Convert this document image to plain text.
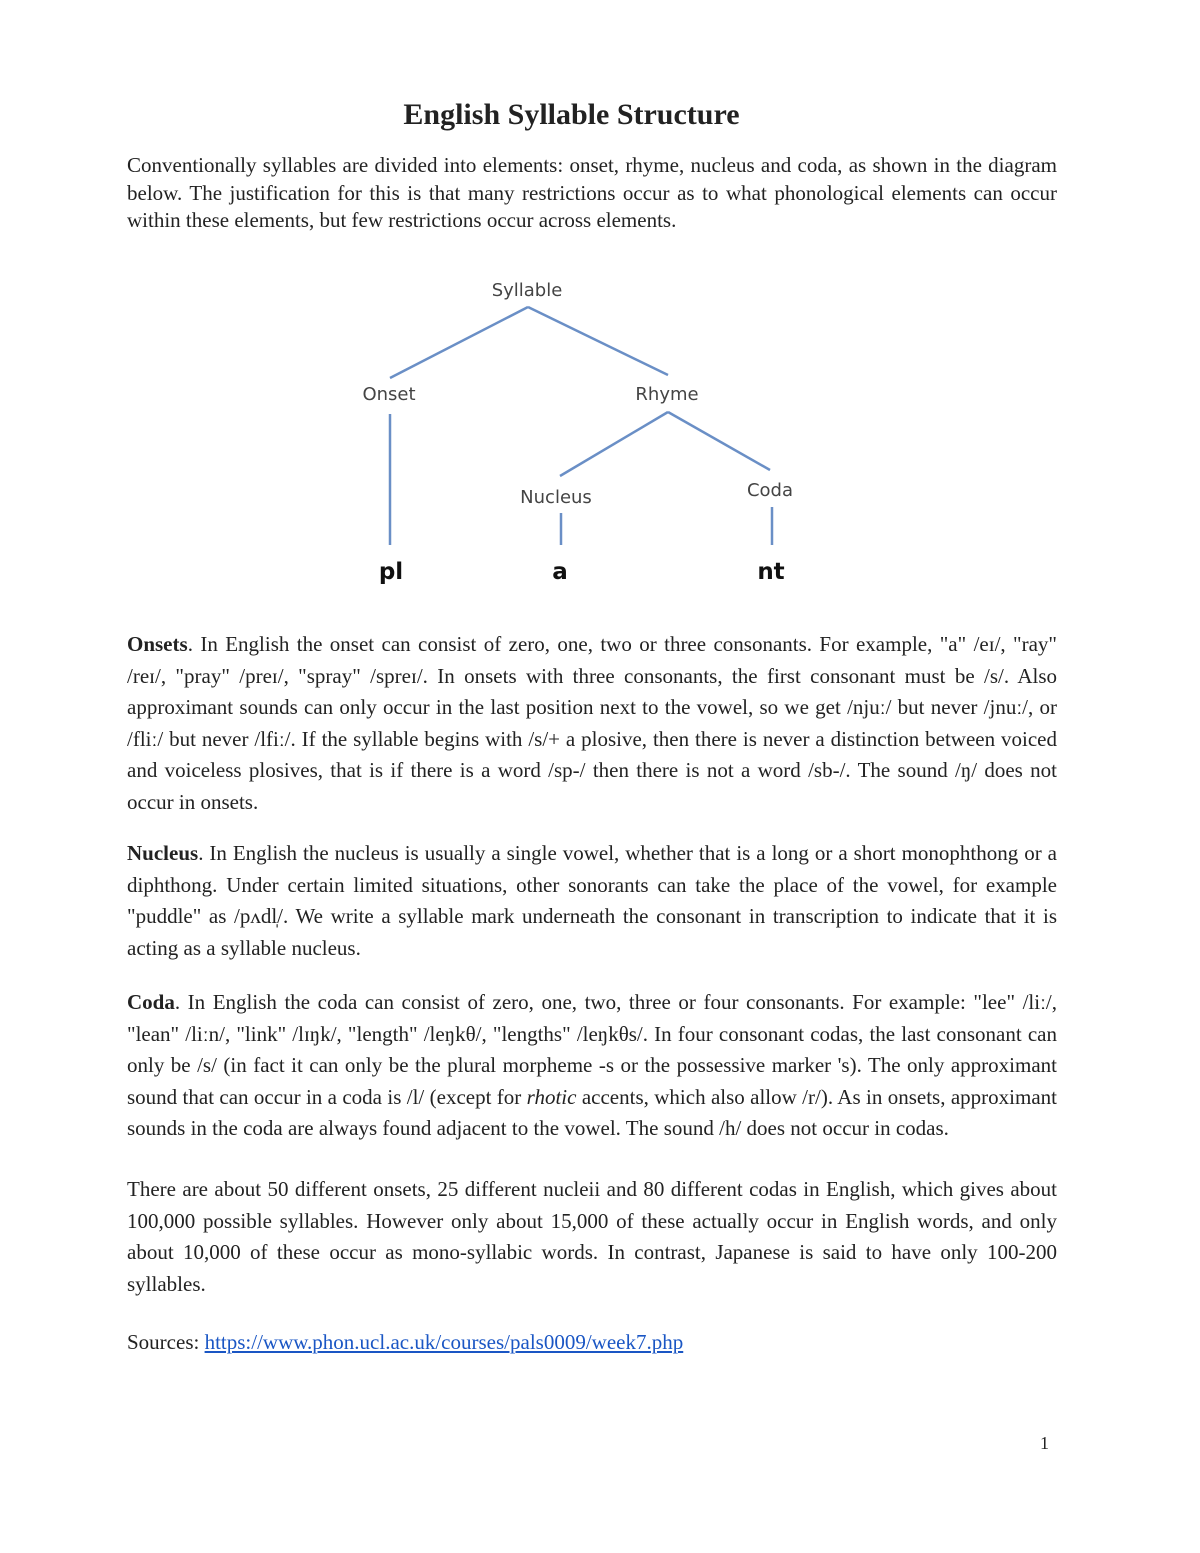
English Syllable Structure

Conventionally syllables are divided into elements: onset, rhyme, nucleus and coda, as shown in the diagram below. The justification for this is that many restrictions occur as to what phonological elements can occur within these elements, but few restrictions occur across elements.

Syllable
Onset	Rhyme
Nucleus	Coda
pl	a	nt

Onsets. In English the onset can consist of zero, one, two or three consonants. For example, "a" /eɪ/, "ray" /reɪ/, "pray" /preɪ/, "spray" /spreɪ/. In onsets with three consonants, the first consonant must be /s/. Also approximant sounds can only occur in the last position next to the vowel, so we get /njuː/ but never /jnuː/, or /fliː/ but never /lfiː/. If the syllable begins with /s/+ a plosive, then there is never a distinction between voiced and voiceless plosives, that is if there is a word /sp-/ then there is not a word /sb-/. The sound /ŋ/ does not occur in onsets.

Nucleus. In English the nucleus is usually a single vowel, whether that is a long or a short monophthong or a diphthong. Under certain limited situations, other sonorants can take the place of the vowel, for example "puddle" as /pʌdl̩/. We write a syllable mark underneath the consonant in transcription to indicate that it is acting as a syllable nucleus.

Coda. In English the coda can consist of zero, one, two, three or four consonants. For example: "lee" /liː/, "lean" /liːn/, "link" /lɪŋk/, "length" /leŋkθ/, "lengths" /leŋkθs/. In four consonant codas, the last consonant can only be /s/ (in fact it can only be the plural morpheme -s or the possessive marker 's). The only approximant sound that can occur in a coda is /l/ (except for rhotic accents, which also allow /r/). As in onsets, approximant sounds in the coda are always found adjacent to the vowel. The sound /h/ does not occur in codas.

There are about 50 different onsets, 25 different nucleii and 80 different codas in English, which gives about 100,000 possible syllables. However only about 15,000 of these actually occur in English words, and only about 10,000 of these occur as mono-syllabic words. In contrast, Japanese is said to have only 100-200 syllables.

Sources: https://www.phon.ucl.ac.uk/courses/pals0009/week7.php

1
